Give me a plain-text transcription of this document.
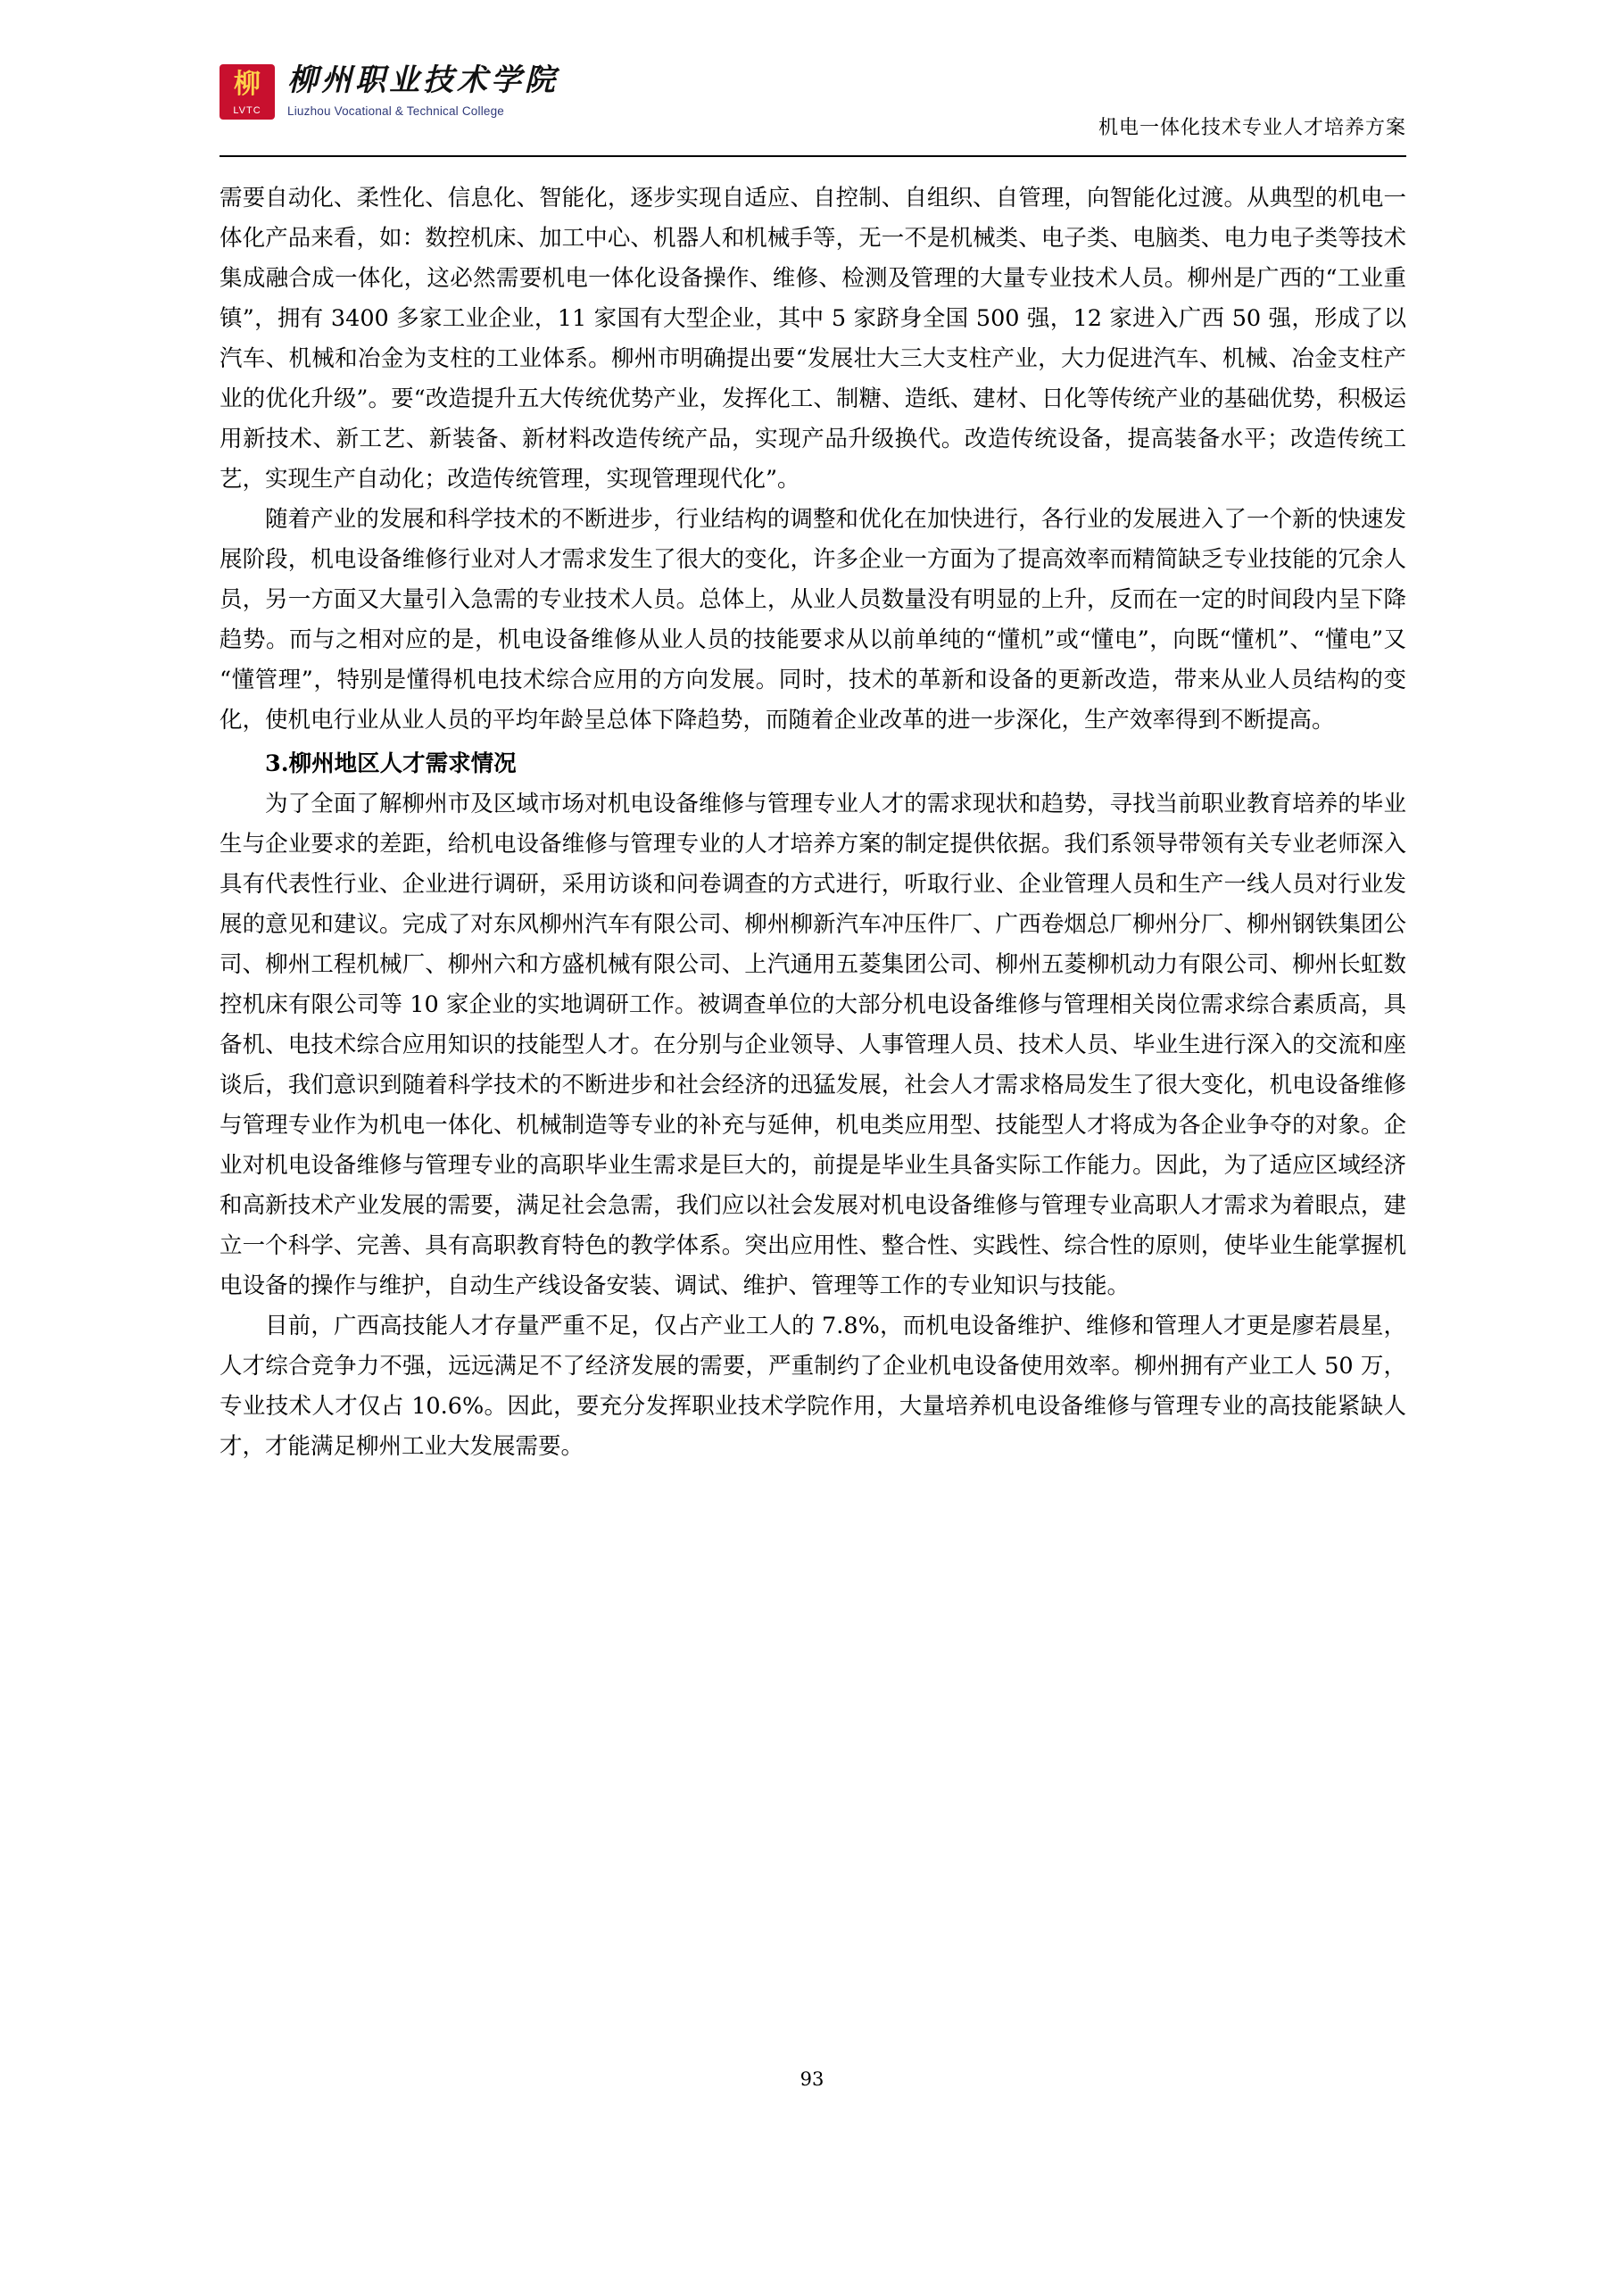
柳
LVTC
柳州职业技术学院
Liuzhou Vocational & Technical College
机电一体化技术专业人才培养方案

需要自动化、柔性化、信息化、智能化，逐步实现自适应、自控制、自组织、自管理，向智能化过渡。从典型的机电一体化产品来看，如：数控机床、加工中心、机器人和机械手等，无一不是机械类、电子类、电脑类、电力电子类等技术集成融合成一体化，这必然需要机电一体化设备操作、维修、检测及管理的大量专业技术人员。柳州是广西的“工业重镇”，拥有 3400 多家工业企业，11 家国有大型企业，其中 5 家跻身全国 500 强，12 家进入广西 50 强，形成了以汽车、机械和冶金为支柱的工业体系。柳州市明确提出要“发展壮大三大支柱产业，大力促进汽车、机械、冶金支柱产业的优化升级”。要“改造提升五大传统优势产业，发挥化工、制糖、造纸、建材、日化等传统产业的基础优势，积极运用新技术、新工艺、新装备、新材料改造传统产品，实现产品升级换代。改造传统设备，提高装备水平；改造传统工艺，实现生产自动化；改造传统管理，实现管理现代化”。

随着产业的发展和科学技术的不断进步，行业结构的调整和优化在加快进行，各行业的发展进入了一个新的快速发展阶段，机电设备维修行业对人才需求发生了很大的变化，许多企业一方面为了提高效率而精简缺乏专业技能的冗余人员，另一方面又大量引入急需的专业技术人员。总体上，从业人员数量没有明显的上升，反而在一定的时间段内呈下降趋势。而与之相对应的是，机电设备维修从业人员的技能要求从以前单纯的“懂机”或“懂电”，向既“懂机”、“懂电”又“懂管理”，特别是懂得机电技术综合应用的方向发展。同时，技术的革新和设备的更新改造，带来从业人员结构的变化，使机电行业从业人员的平均年龄呈总体下降趋势，而随着企业改革的进一步深化，生产效率得到不断提高。

3.柳州地区人才需求情况

为了全面了解柳州市及区域市场对机电设备维修与管理专业人才的需求现状和趋势，寻找当前职业教育培养的毕业生与企业要求的差距，给机电设备维修与管理专业的人才培养方案的制定提供依据。我们系领导带领有关专业老师深入具有代表性行业、企业进行调研，采用访谈和问卷调查的方式进行，听取行业、企业管理人员和生产一线人员对行业发展的意见和建议。完成了对东风柳州汽车有限公司、柳州柳新汽车冲压件厂、广西卷烟总厂柳州分厂、柳州钢铁集团公司、柳州工程机械厂、柳州六和方盛机械有限公司、上汽通用五菱集团公司、柳州五菱柳机动力有限公司、柳州长虹数控机床有限公司等 10 家企业的实地调研工作。被调查单位的大部分机电设备维修与管理相关岗位需求综合素质高，具备机、电技术综合应用知识的技能型人才。在分别与企业领导、人事管理人员、技术人员、毕业生进行深入的交流和座谈后，我们意识到随着科学技术的不断进步和社会经济的迅猛发展，社会人才需求格局发生了很大变化，机电设备维修与管理专业作为机电一体化、机械制造等专业的补充与延伸，机电类应用型、技能型人才将成为各企业争夺的对象。企业对机电设备维修与管理专业的高职毕业生需求是巨大的，前提是毕业生具备实际工作能力。因此，为了适应区域经济和高新技术产业发展的需要，满足社会急需，我们应以社会发展对机电设备维修与管理专业高职人才需求为着眼点，建立一个科学、完善、具有高职教育特色的教学体系。突出应用性、整合性、实践性、综合性的原则，使毕业生能掌握机电设备的操作与维护，自动生产线设备安装、调试、维护、管理等工作的专业知识与技能。

目前，广西高技能人才存量严重不足，仅占产业工人的 7.8%，而机电设备维护、维修和管理人才更是廖若晨星，人才综合竞争力不强，远远满足不了经济发展的需要，严重制约了企业机电设备使用效率。柳州拥有产业工人 50 万，专业技术人才仅占 10.6%。因此，要充分发挥职业技术学院作用，大量培养机电设备维修与管理专业的高技能紧缺人才，才能满足柳州工业大发展需要。

93
